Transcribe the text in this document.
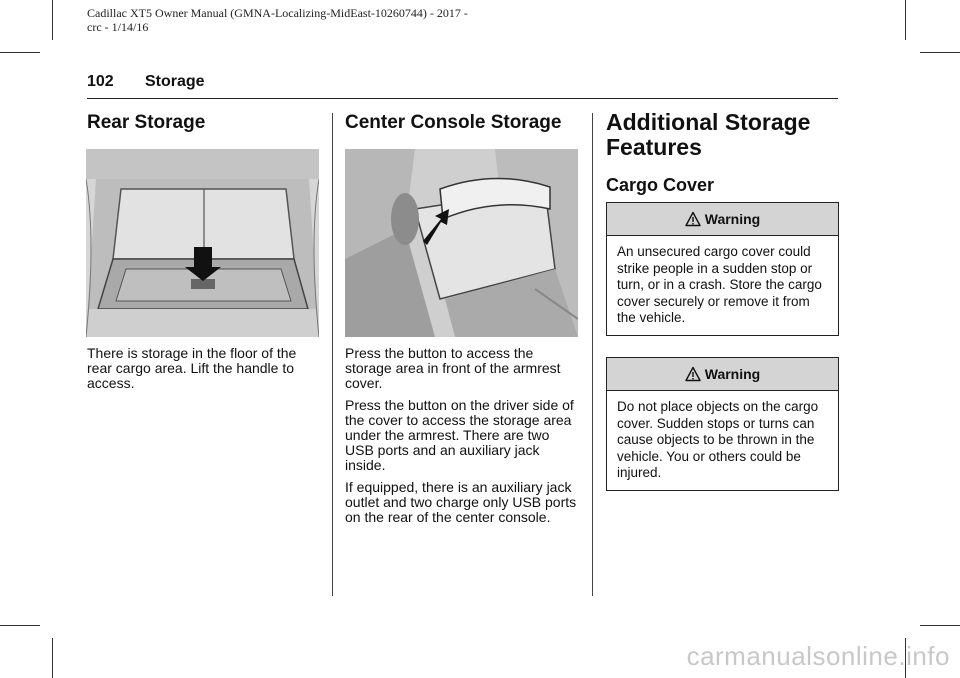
Cadillac XT5 Owner Manual (GMNA-Localizing-MidEast-10260744) - 2017 -
crc - 1/14/16
102 Storage
Rear Storage

There is storage in the floor of the rear cargo area. Lift the handle to access.

Center Console Storage

Press the button to access the storage area in front of the armrest cover.

Press the button on the driver side of the cover to access the storage area under the armrest. There are two USB ports and an auxiliary jack inside.

If equipped, there is an auxiliary jack outlet and two charge only USB ports on the rear of the center console.

Additional Storage
Features
Cargo Cover
Warning
An unsecured cargo cover could strike people in a sudden stop or turn, or in a crash. Store the cargo cover securely or remove it from the vehicle.
Warning
Do not place objects on the cargo cover. Sudden stops or turns can cause objects to be thrown in the vehicle. You or others could be injured.
carmanualsonline.info
